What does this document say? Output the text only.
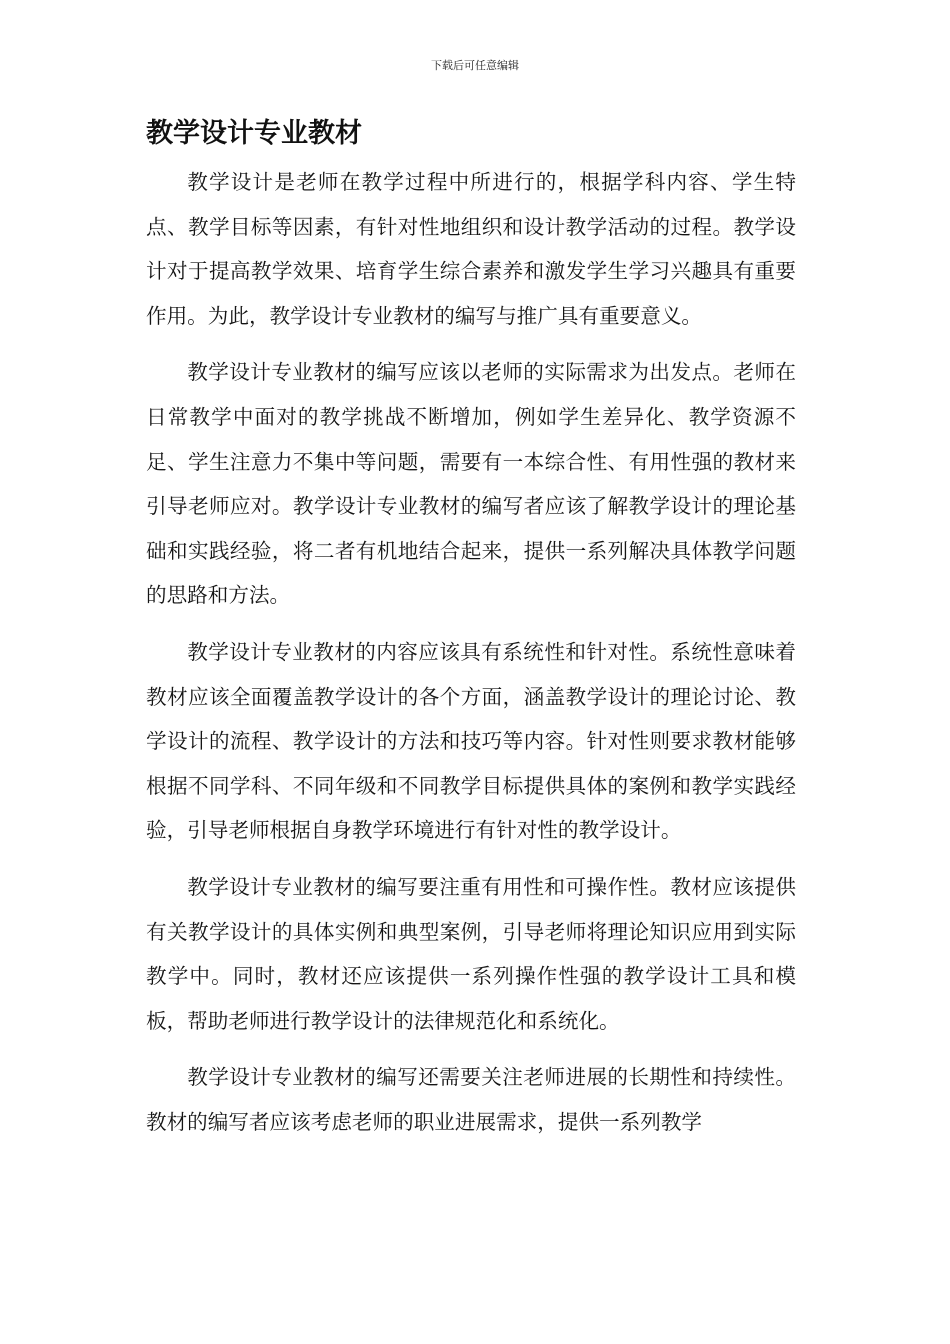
下载后可任意编辑
教学设计专业教材

教学设计是老师在教学过程中所进行的，根据学科内容、学生特点、教学目标等因素，有针对性地组织和设计教学活动的过程。教学设计对于提高教学效果、培育学生综合素养和激发学生学习兴趣具有重要作用。为此，教学设计专业教材的编写与推广具有重要意义。

教学设计专业教材的编写应该以老师的实际需求为出发点。老师在日常教学中面对的教学挑战不断增加，例如学生差异化、教学资源不足、学生注意力不集中等问题，需要有一本综合性、有用性强的教材来引导老师应对。教学设计专业教材的编写者应该了解教学设计的理论基础和实践经验，将二者有机地结合起来，提供一系列解决具体教学问题的思路和方法。

教学设计专业教材的内容应该具有系统性和针对性。系统性意味着教材应该全面覆盖教学设计的各个方面，涵盖教学设计的理论讨论、教学设计的流程、教学设计的方法和技巧等内容。针对性则要求教材能够根据不同学科、不同年级和不同教学目标提供具体的案例和教学实践经验，引导老师根据自身教学环境进行有针对性的教学设计。

教学设计专业教材的编写要注重有用性和可操作性。教材应该提供有关教学设计的具体实例和典型案例，引导老师将理论知识应用到实际教学中。同时，教材还应该提供一系列操作性强的教学设计工具和模板，帮助老师进行教学设计的法律规范化和系统化。

教学设计专业教材的编写还需要关注老师进展的长期性和持续性。教材的编写者应该考虑老师的职业进展需求，提供一系列教学
